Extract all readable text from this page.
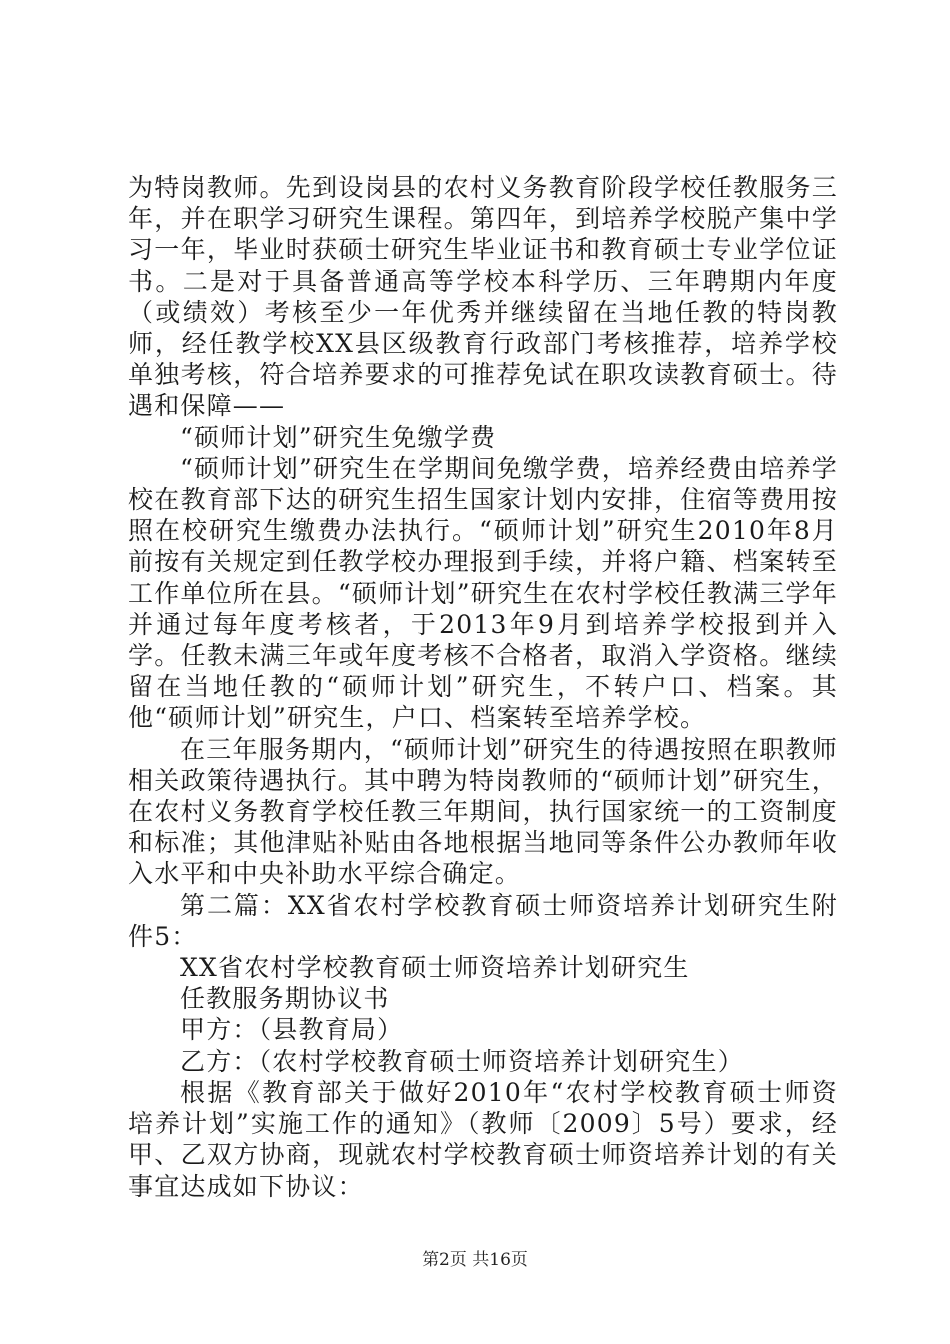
为特岗教师。先到设岗县的农村义务教育阶段学校任教服务三年，并在职学习研究生课程。第四年，到培养学校脱产集中学习一年，毕业时获硕士研究生毕业证书和教育硕士专业学位证书。二是对于具备普通高等学校本科学历、三年聘期内年度（或绩效）考核至少一年优秀并继续留在当地任教的特岗教师，经任教学校XX县区级教育行政部门考核推荐，培养学校单独考核，符合培养要求的可推荐免试在职攻读教育硕士。待遇和保障——

“硕师计划”研究生免缴学费

“硕师计划”研究生在学期间免缴学费，培养经费由培养学校在教育部下达的研究生招生国家计划内安排，住宿等费用按照在校研究生缴费办法执行。“硕师计划”研究生2010年8月前按有关规定到任教学校办理报到手续，并将户籍、档案转至工作单位所在县。“硕师计划”研究生在农村学校任教满三学年并通过每年度考核者，于2013年9月到培养学校报到并入学。任教未满三年或年度考核不合格者，取消入学资格。继续留在当地任教的“硕师计划”研究生，不转户口、档案。其他“硕师计划”研究生，户口、档案转至培养学校。

在三年服务期内，“硕师计划”研究生的待遇按照在职教师相关政策待遇执行。其中聘为特岗教师的“硕师计划”研究生，在农村义务教育学校任教三年期间，执行国家统一的工资制度和标准；其他津贴补贴由各地根据当地同等条件公办教师年收入水平和中央补助水平综合确定。

第二篇：XX省农村学校教育硕士师资培养计划研究生附件5：

XX省农村学校教育硕士师资培养计划研究生

任教服务期协议书

甲方：（县教育局）

乙方：（农村学校教育硕士师资培养计划研究生）

根据《教育部关于做好2010年“农村学校教育硕士师资培养计划”实施工作的通知》（教师〔2009〕5号）要求，经甲、乙双方协商，现就农村学校教育硕士师资培养计划的有关事宜达成如下协议：

第2页 共16页
